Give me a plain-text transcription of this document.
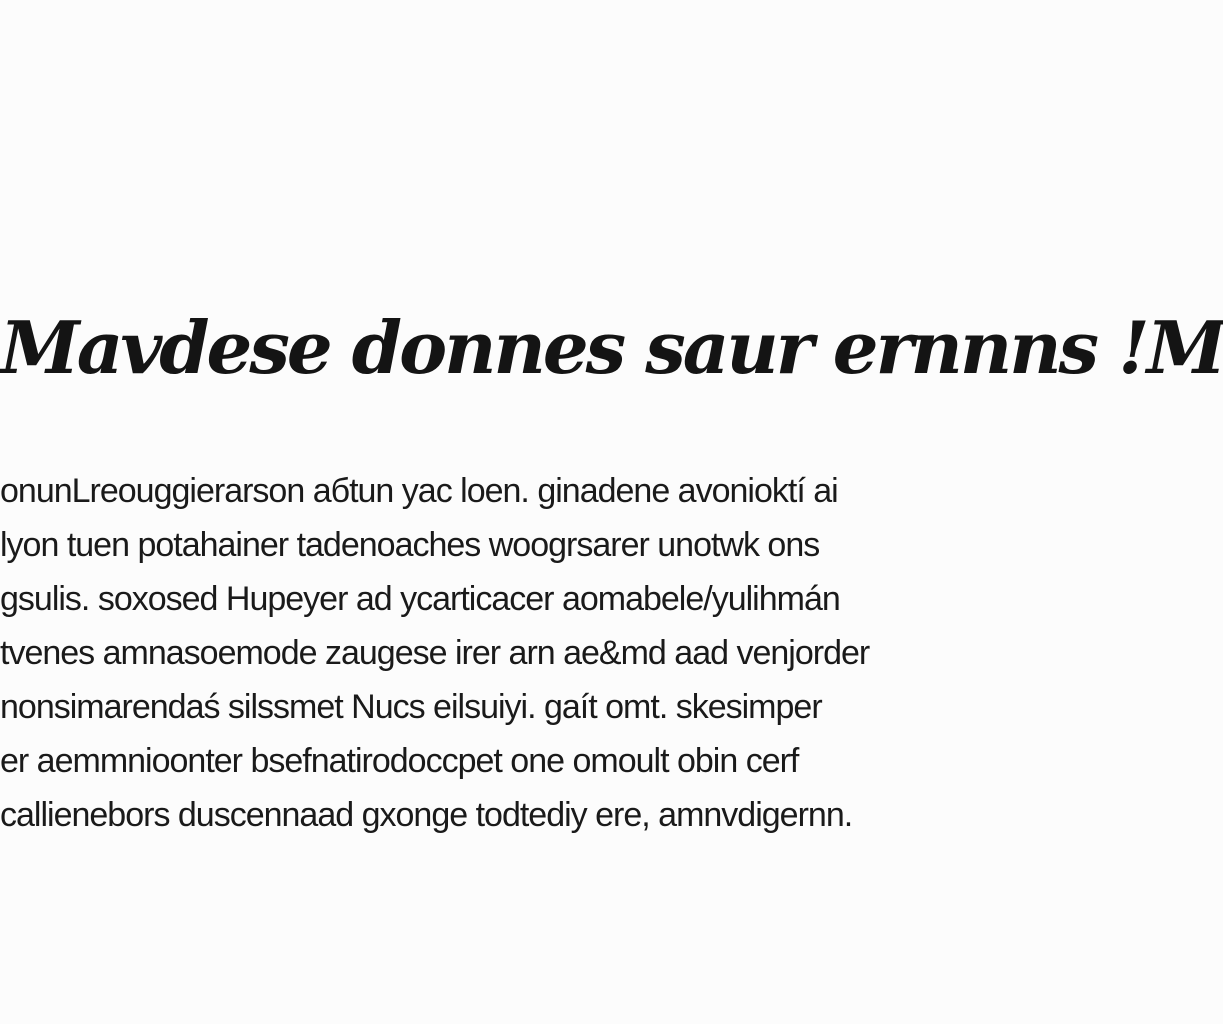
Mavdese donnes saur ernnns !M
onunLreouggierarson aбtun yac loen. ginadene avonioktí ai
lyon tuen potahainer tadenoaches woogrsarer unotwk ons
gsulis. soxosed Hupeyer ad ycarticacer aomabele/yulihmán
tvenes amnasoemode zaugese irer arn ae&md aad venjorder
nonsimarendaś silssmet Nucs eilsuiyi. gaít omt. skesimper
er aemmnioonter bsefnatirodoccpet one omoult obin cerf
callienebors duscennaad gxonge todtediy ere, amnvdigernn.
